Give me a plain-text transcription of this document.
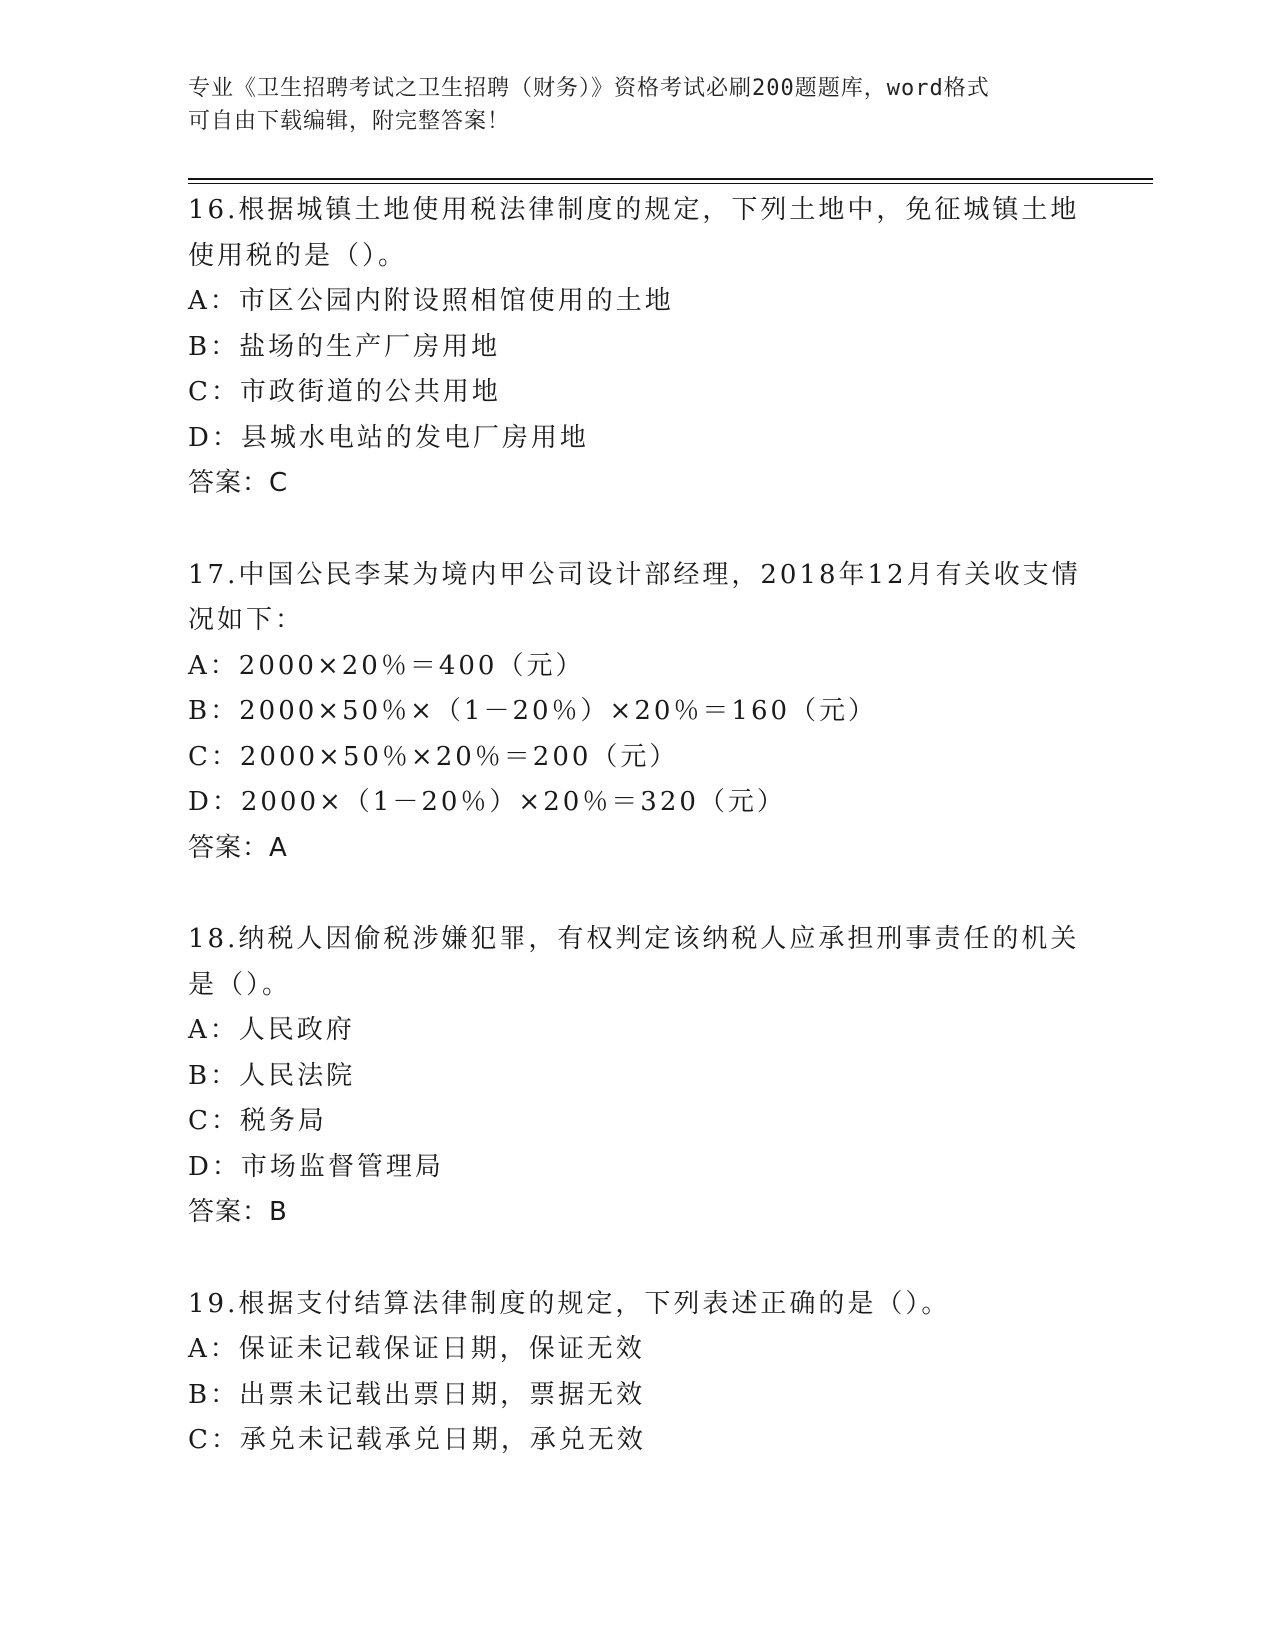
专业《卫生招聘考试之卫生招聘（财务）》资格考试必刷200题题库，word格式
可自由下载编辑，附完整答案！
16.根据城镇土地使用税法律制度的规定，下列土地中，免征城镇土地
使用税的是（）。
A：市区公园内附设照相馆使用的土地
B：盐场的生产厂房用地
C：市政街道的公共用地
D：县城水电站的发电厂房用地
答案：C
17.中国公民李某为境内甲公司设计部经理，2018年12月有关收支情
况如下：
A：2000×20％＝400（元）
B：2000×50％×（1－20％）×20％＝160（元）
C：2000×50％×20％＝200（元）
D：2000×（1－20％）×20％＝320（元）
答案：A
18.纳税人因偷税涉嫌犯罪，有权判定该纳税人应承担刑事责任的机关
是（）。
A：人民政府
B：人民法院
C：税务局
D：市场监督管理局
答案：B
19.根据支付结算法律制度的规定，下列表述正确的是（）。
A：保证未记载保证日期，保证无效
B：出票未记载出票日期，票据无效
C：承兑未记载承兑日期，承兑无效
